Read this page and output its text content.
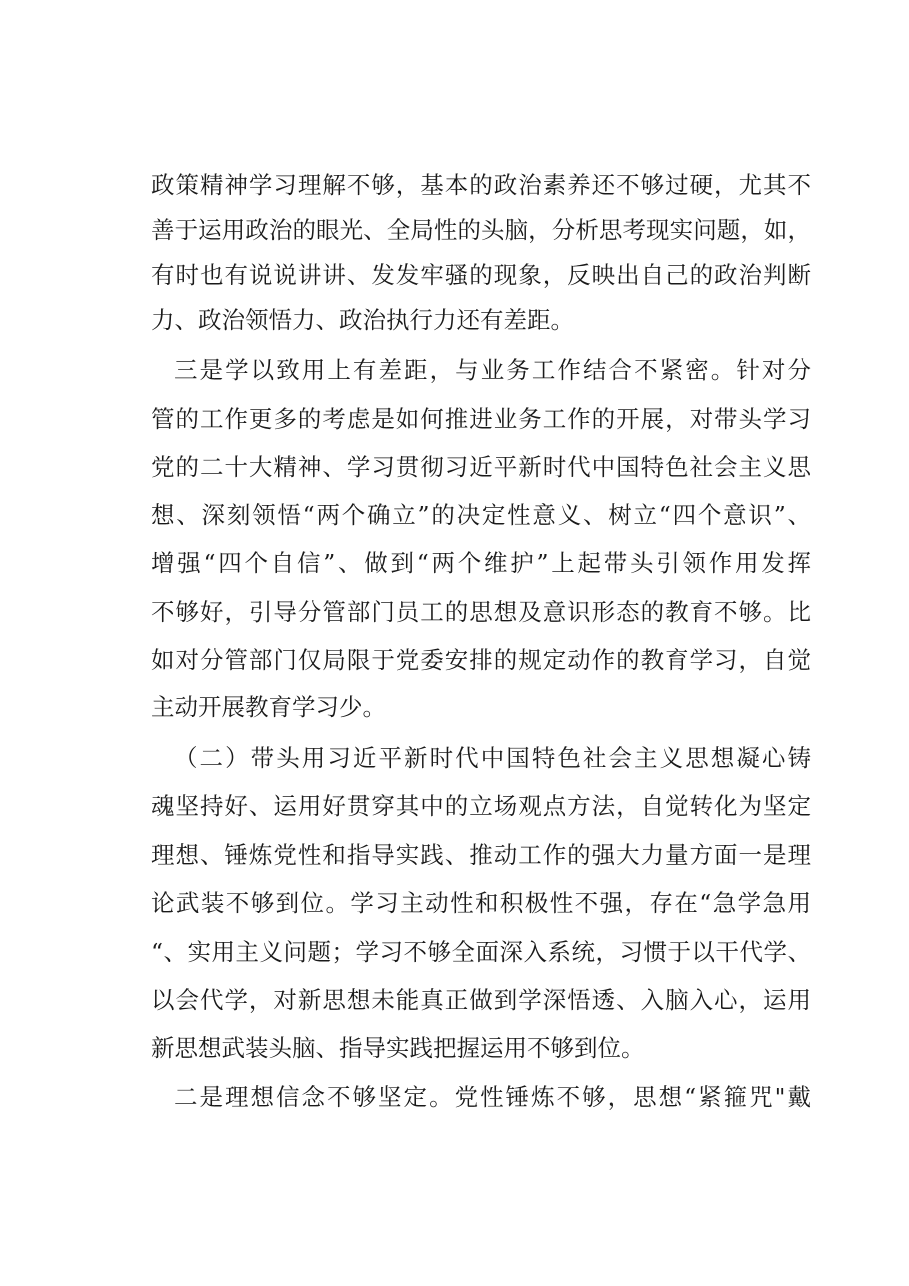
政策精神学习理解不够，基本的政治素养还不够过硬，尤其不
善于运用政治的眼光、全局性的头脑，分析思考现实问题，如，
有时也有说说讲讲、发发牢骚的现象，反映出自己的政治判断
力、政治领悟力、政治执行力还有差距。
三是学以致用上有差距，与业务工作结合不紧密。针对分
管的工作更多的考虑是如何推进业务工作的开展，对带头学习
党的二十大精神、学习贯彻习近平新时代中国特色社会主义思
想、深刻领悟“两个确立”的决定性意义、树立“四个意识”、
增强“四个自信”、做到“两个维护”上起带头引领作用发挥
不够好，引导分管部门员工的思想及意识形态的教育不够。比
如对分管部门仅局限于党委安排的规定动作的教育学习，自觉
主动开展教育学习少。
（二）带头用习近平新时代中国特色社会主义思想凝心铸
魂坚持好、运用好贯穿其中的立场观点方法，自觉转化为坚定
理想、锤炼党性和指导实践、推动工作的强大力量方面一是理
论武装不够到位。学习主动性和积极性不强，存在“急学急用
“、实用主义问题；学习不够全面深入系统，习惯于以干代学、
以会代学，对新思想未能真正做到学深悟透、入脑入心，运用
新思想武装头脑、指导实践把握运用不够到位。
二是理想信念不够坚定。党性锤炼不够，思想“紧箍咒"戴
